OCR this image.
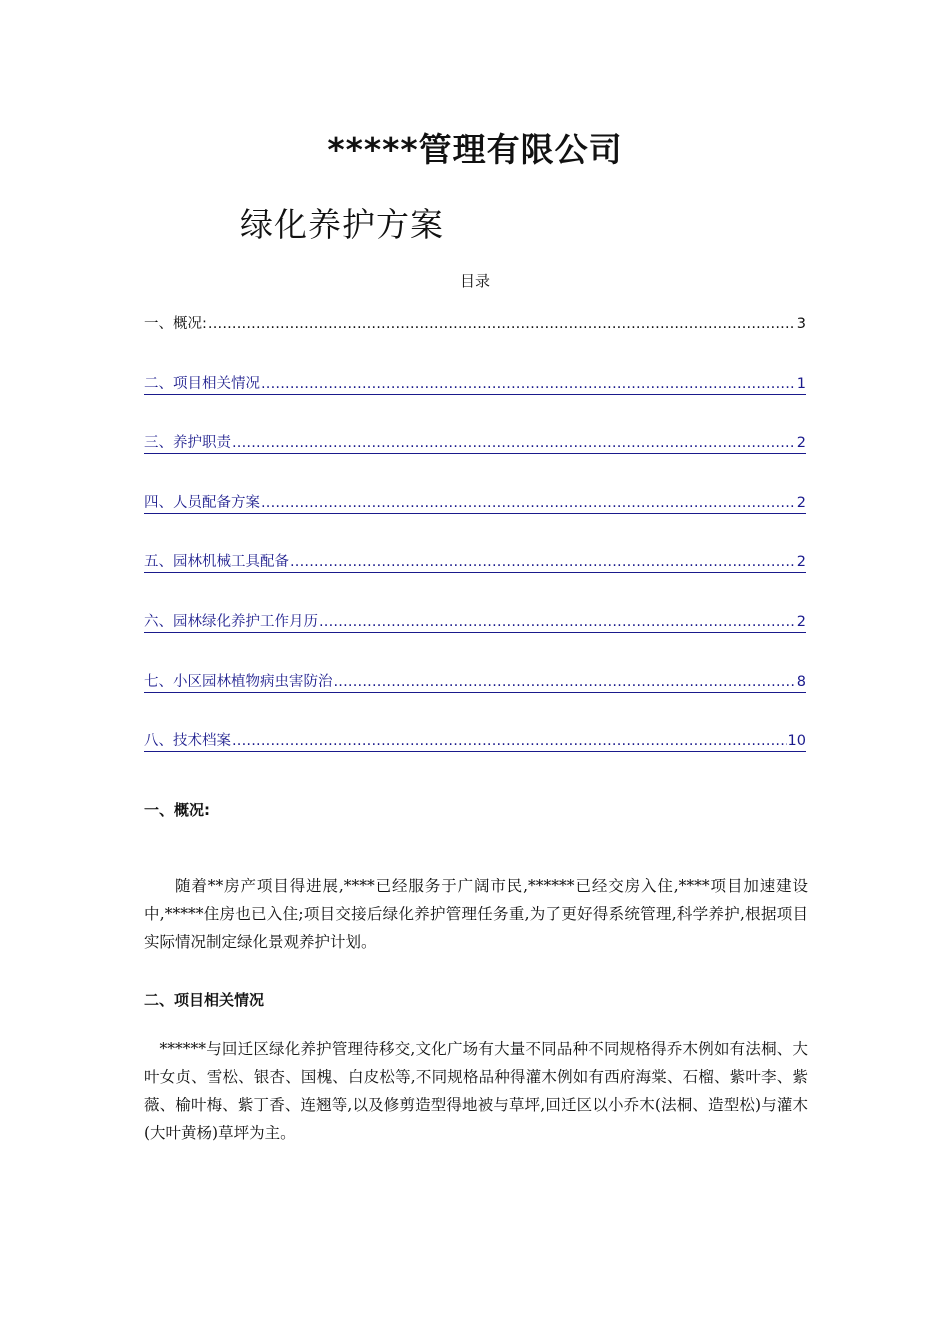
*****管理有限公司
绿化养护方案
目录
一、概况: .....	3
二、项目相关情况 .....	1
三、养护职责 .....	2
四、人员配备方案 .....	2
五、园林机械工具配备 .....	2
六、园林绿化养护工作月历 .....	2
七、小区园林植物病虫害防治 .....	8
八、技术档案 .....	10
一、概况:
随着**房产项目得进展,****已经服务于广阔市民,******已经交房入住,****项目加速建设中,*****住房也已入住;项目交接后绿化养护管理任务重,为了更好得系统管理,科学养护,根据项目实际情况制定绿化景观养护计划。
二、项目相关情况
******与回迁区绿化养护管理待移交,文化广场有大量不同品种不同规格得乔木例如有法桐、大叶女贞、雪松、银杏、国槐、白皮松等,不同规格品种得灌木例如有西府海棠、石榴、紫叶李、紫薇、榆叶梅、紫丁香、连翘等,以及修剪造型得地被与草坪,回迁区以小乔木(法桐、造型松)与灌木(大叶黄杨)草坪为主。
